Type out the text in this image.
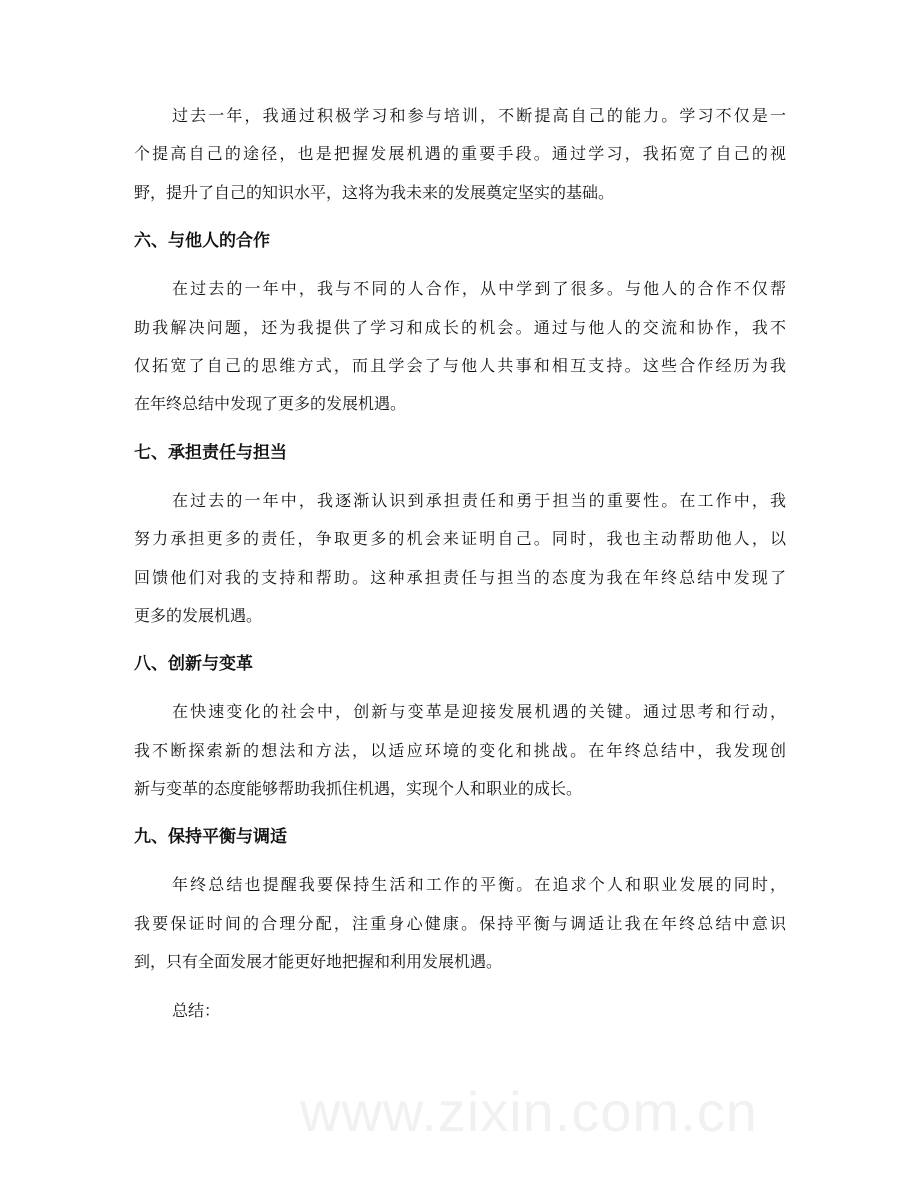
www.zixin.com.cn
过去一年，我通过积极学习和参与培训，不断提高自己的能力。学习不仅是一
个提高自己的途径，也是把握发展机遇的重要手段。通过学习，我拓宽了自己的视
野，提升了自己的知识水平，这将为我未来的发展奠定坚实的基础。
六、与他人的合作
在过去的一年中，我与不同的人合作，从中学到了很多。与他人的合作不仅帮
助我解决问题，还为我提供了学习和成长的机会。通过与他人的交流和协作，我不
仅拓宽了自己的思维方式，而且学会了与他人共事和相互支持。这些合作经历为我
在年终总结中发现了更多的发展机遇。
七、承担责任与担当
在过去的一年中，我逐渐认识到承担责任和勇于担当的重要性。在工作中，我
努力承担更多的责任，争取更多的机会来证明自己。同时，我也主动帮助他人，以
回馈他们对我的支持和帮助。这种承担责任与担当的态度为我在年终总结中发现了
更多的发展机遇。
八、创新与变革
在快速变化的社会中，创新与变革是迎接发展机遇的关键。通过思考和行动，
我不断探索新的想法和方法，以适应环境的变化和挑战。在年终总结中，我发现创
新与变革的态度能够帮助我抓住机遇，实现个人和职业的成长。
九、保持平衡与调适
年终总结也提醒我要保持生活和工作的平衡。在追求个人和职业发展的同时，
我要保证时间的合理分配，注重身心健康。保持平衡与调适让我在年终总结中意识
到，只有全面发展才能更好地把握和利用发展机遇。
总结：
